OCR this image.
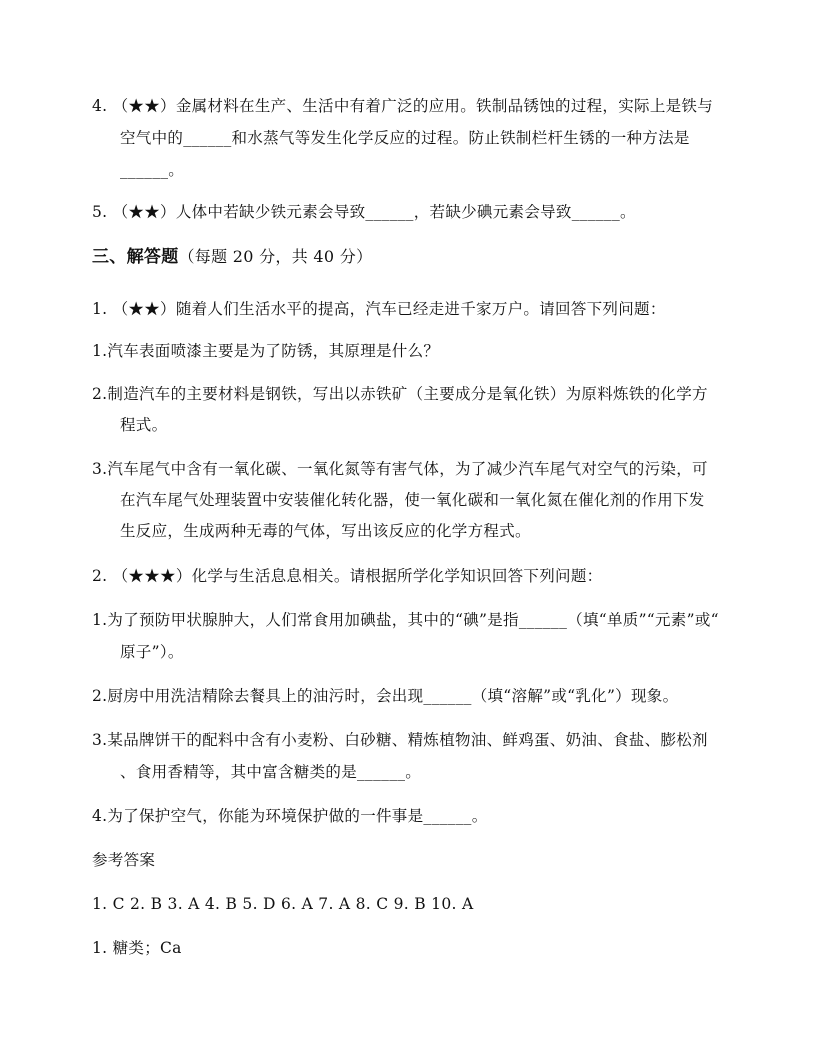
4. （★★）金属材料在生产、生活中有着广泛的应用。铁制品锈蚀的过程，实际上是铁与
空气中的______和水蒸气等发生化学反应的过程。防止铁制栏杆生锈的一种方法是
______。
5. （★★）人体中若缺少铁元素会导致______，若缺少碘元素会导致______。
三、解答题（每题 20 分，共 40 分）
1. （★★）随着人们生活水平的提高，汽车已经走进千家万户。请回答下列问题：
1.汽车表面喷漆主要是为了防锈，其原理是什么？
2.制造汽车的主要材料是钢铁，写出以赤铁矿（主要成分是氧化铁）为原料炼铁的化学方
程式。
3.汽车尾气中含有一氧化碳、一氧化氮等有害气体，为了减少汽车尾气对空气的污染，可
在汽车尾气处理装置中安装催化转化器，使一氧化碳和一氧化氮在催化剂的作用下发
生反应，生成两种无毒的气体，写出该反应的化学方程式。
2. （★★★）化学与生活息息相关。请根据所学化学知识回答下列问题：
1.为了预防甲状腺肿大，人们常食用加碘盐，其中的“碘”是指______（填“单质”“元素”或“
原子”）。
2.厨房中用洗洁精除去餐具上的油污时，会出现______（填“溶解”或“乳化”）现象。
3.某品牌饼干的配料中含有小麦粉、白砂糖、精炼植物油、鲜鸡蛋、奶油、食盐、膨松剂
、食用香精等，其中富含糖类的是______。
4.为了保护空气，你能为环境保护做的一件事是______。
参考答案
1. C 2. B 3. A 4. B 5. D 6. A 7. A 8. C 9. B 10. A
1. 糖类；Ca
